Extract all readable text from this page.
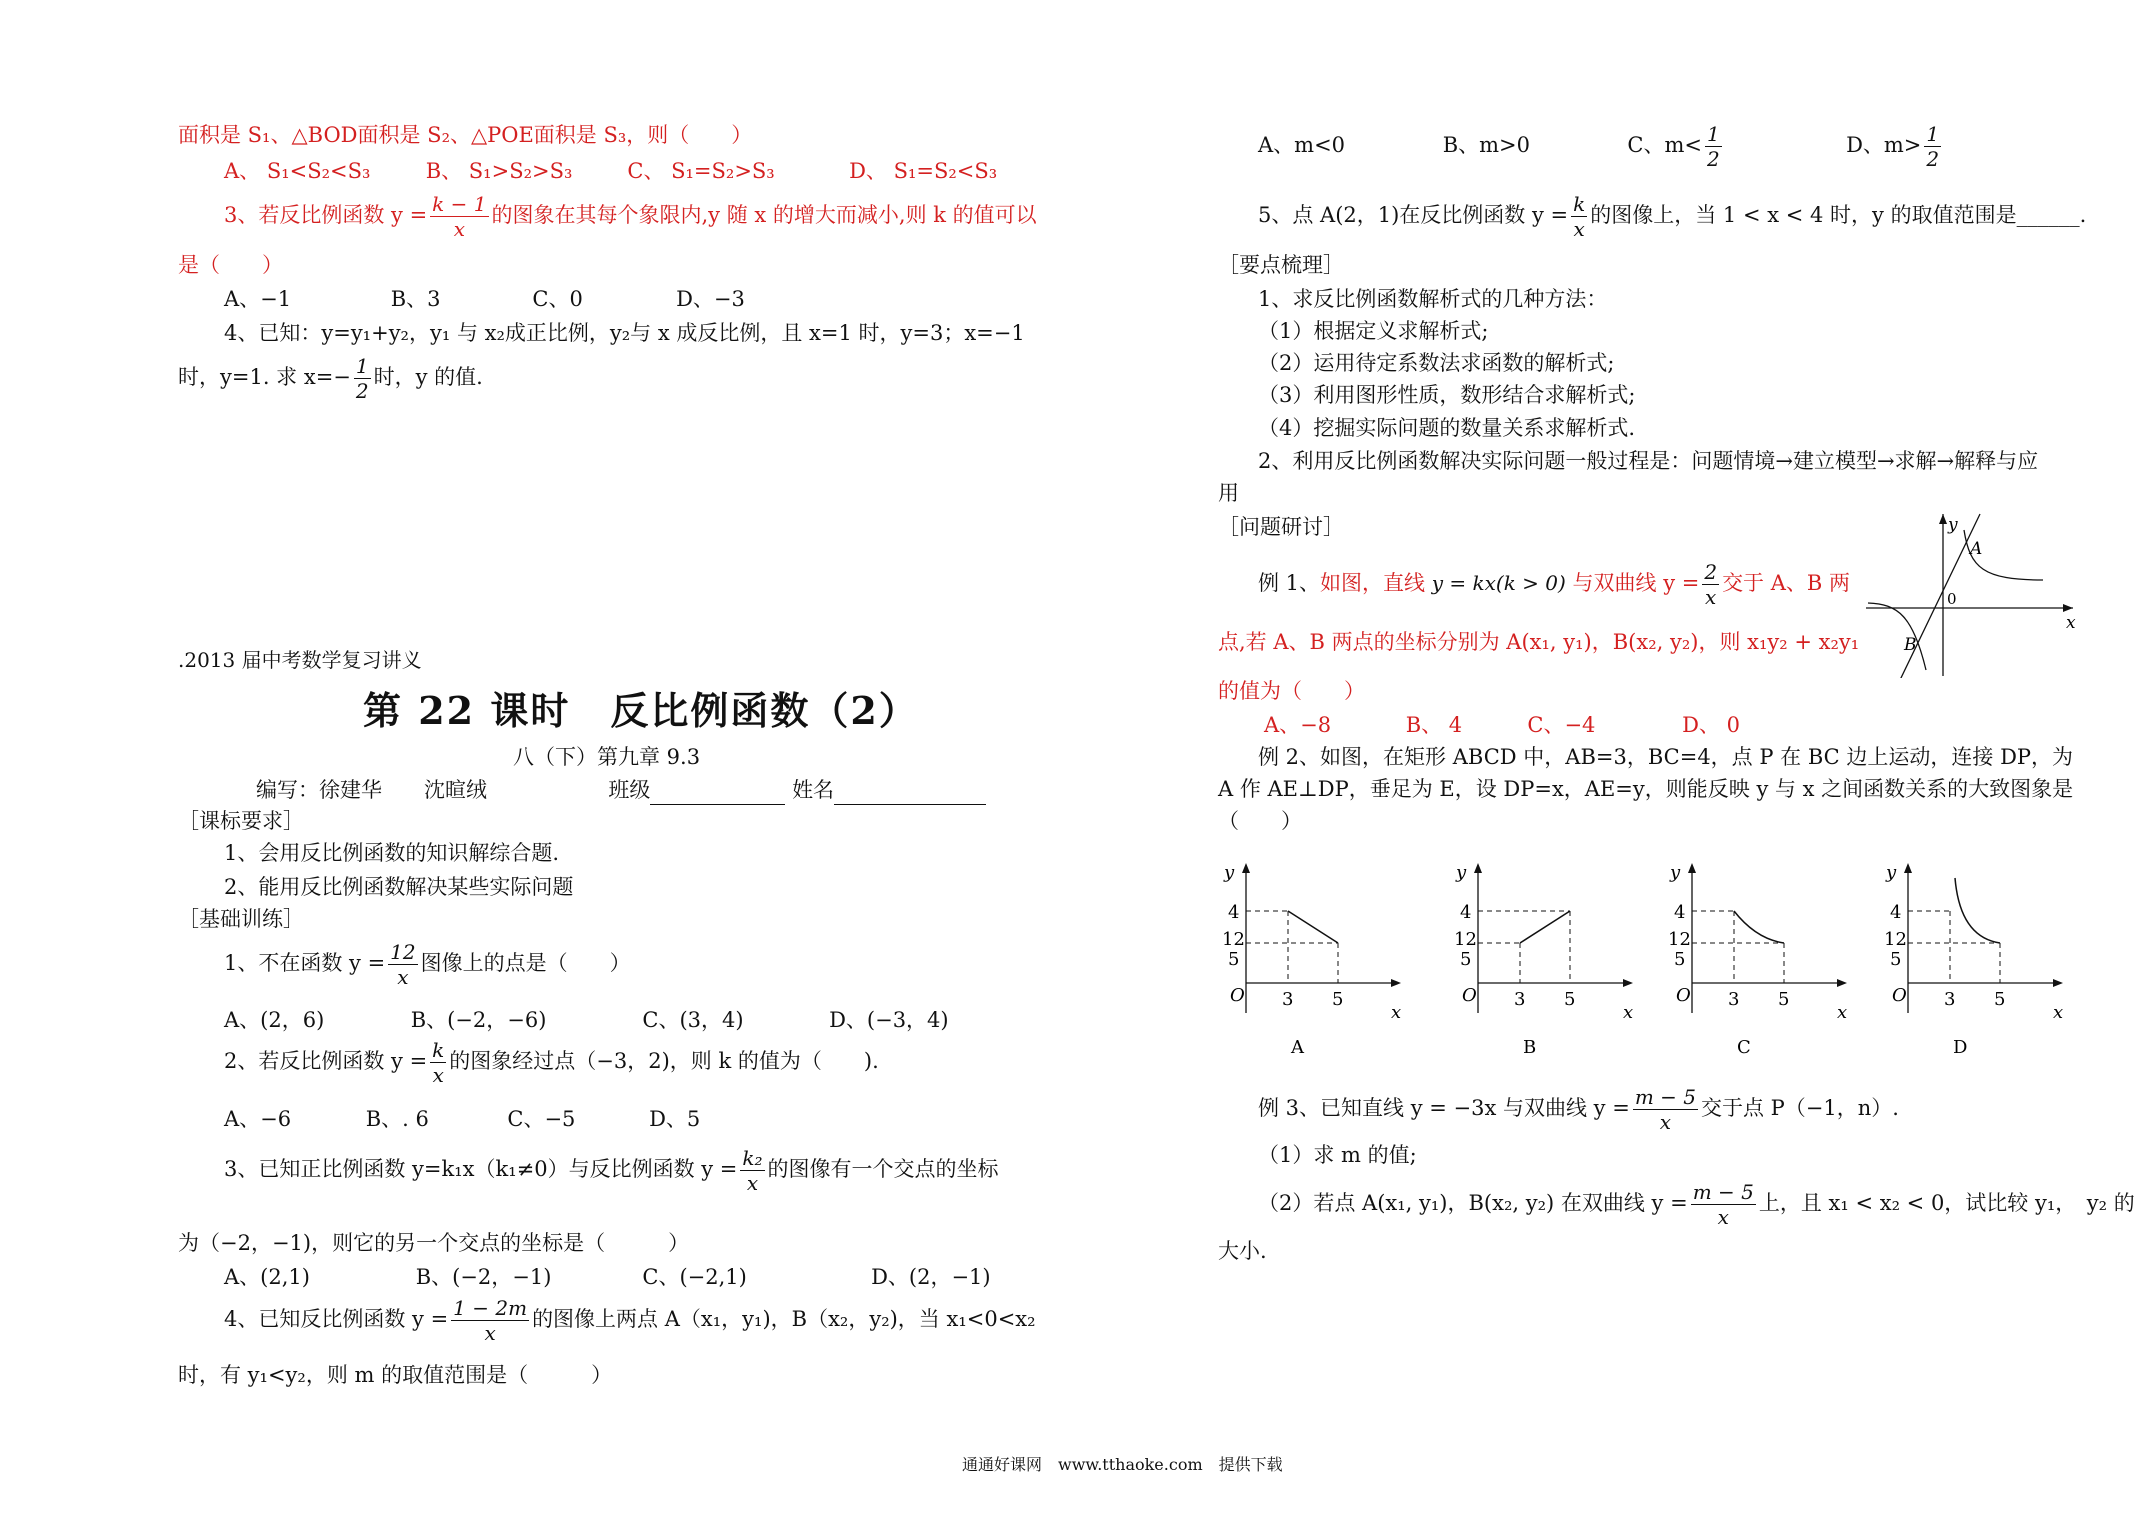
面积是 S₁、△BOD面积是 S₂、△POE面积是 S₃，则（　　）
A、 S₁<S₂<S₃	B、 S₁>S₂>S₃	C、 S₁=S₂>S₃	D、 S₁=S₂<S₃
3、若反比例函数 $y = \frac{k - 1}{x}$ 的图象在其每个象限内,y 随 x 的增大而减小,则 k 的值可以
是（　　）
A、−1	B、3	C、0	D、−3
4、已知：y=y₁+y₂，y₁ 与 x₂成正比例，y₂与 x 成反比例，且 x=1 时，y=3；x=−1
时，y=1. 求 $x=- \frac{1}{2}$ 时，y 的值.
.2013 届中考数学复习讲义
第 22 课时　反比例函数（2）
八（下）第九章 9.3
编写：徐建华　　沈暄绒	班级	姓名
［课标要求］
1、会用反比例函数的知识解综合题.
2、能用反比例函数解决某些实际问题
［基础训练］
1、不在函数 $y = \frac{12}{x}$ 图像上的点是（　　）
A、(2，6)	B、(−2，−6)	C、(3，4)	D、(−3，4)
2、若反比例函数 $y = \frac{k}{x}$ 的图象经过点（−3，2)，则 k 的值为（　　).
A、−6	B、. 6	C、−5	D、5
3、已知正比例函数 y=k₁x（k₁≠0）与反比例函数 $y = \frac{\text{k₂}}{x}$ 的图像有一个交点的坐标
为（−2，−1)，则它的另一个交点的坐标是（　　　）
A、(2,1)	B、(−2，−1)	C、(−2,1)	D、(2，−1)
4、已知反比例函数 $y = \frac{1 - 2m}{x}$ 的图像上两点 A（x₁，y₁)，B（x₂，y₂)，当 x₁<0<x₂
时，有 y₁<y₂，则 m 的取值范围是（　　　）
A、m<0	B、m>0	C、$m< \frac{1}{2}$	D、$m> \frac{1}{2}$
5、点 A(2，1)在反比例函数 $y = \frac{k}{x}$ 的图像上，当 1 < x < 4 时，y 的取值范围是______.
［要点梳理］
1、求反比例函数解析式的几种方法：
（1）根据定义求解析式;
（2）运用待定系数法求函数的解析式;
（3）利用图形性质，数形结合求解析式;
（4）挖掘实际问题的数量关系求解析式.
2、利用反比例函数解决实际问题一般过程是：问题情境→建立模型→求解→解释与应
用
［问题研讨］
例 1、如图，直线 y = kx(k > 0) 与双曲线 $y = \frac{2}{x}$ 交于 A、B 两
点,若 A、B 两点的坐标分别为 A(x₁, y₁)，B(x₂, y₂)，则 x₁y₂ + x₂y₁
的值为（　　）
A、−8	B、 4	C、−4	D、 0
y
x
0
A
B
例 2、如图，在矩形 ABCD 中，AB=3，BC=4，点 P 在 BC 边上运动，连接 DP，为
A 作 AE⊥DP，垂足为 E，设 DP=x，AE=y，则能反映 y 与 x 之间函数关系的大致图象是
（　　）
y
x
O
4
12
5
3 5
A
y
x
O
4
12
5
3 5
B
y
x
O
4
12
5
3 5
C
y
x
O
4
12
5
3 5
D
例 3、已知直线 y = −3x 与双曲线 $y = \frac{m - 5}{x}$ 交于点 P（−1，n）.
（1）求 m 的值;
（2）若点 A(x₁, y₁)，B(x₂, y₂) 在双曲线 $y = \frac{m - 5}{x}$ 上，且 x₁ < x₂ < 0，试比较 y₁，　y₂ 的
大小.
通通好课网　www.tthaoke.com　提供下载
